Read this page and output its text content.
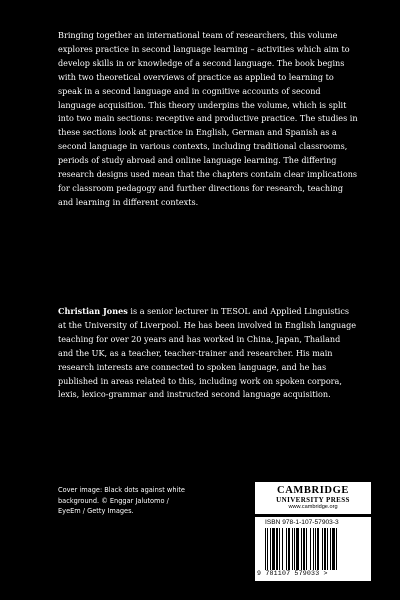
Bringing together an international team of researchers, this volume explores practice in second language learning – activities which aim to develop skills in or knowledge of a second language. The book begins with two theoretical overviews of practice as applied to learning to speak in a second language and in cognitive accounts of second language acquisition. This theory underpins the volume, which is split into two main sections: receptive and productive practice. The studies in these sections look at practice in English, German and Spanish as a second language in various contexts, including traditional classrooms, periods of study abroad and online language learning. The differing research designs used mean that the chapters contain clear implications for classroom pedagogy and further directions for research, teaching and learning in different contexts.

Christian Jones is a senior lecturer in TESOL and Applied Linguistics at the University of Liverpool. He has been involved in English language teaching for over 20 years and has worked in China, Japan, Thailand and the UK, as a teacher, teacher-trainer and researcher. His main research interests are connected to spoken language, and he has published in areas related to this, including work on spoken corpora, lexis, lexico-grammar and instructed second language acquisition.

Cover image: Black dots against white background. © Enggar Jalutomo / EyeEm / Getty Images.

CAMBRIDGE
UNIVERSITY PRESS
www.cambridge.org
ISBN 978-1-107-57903-3
9 781107 579033 >
